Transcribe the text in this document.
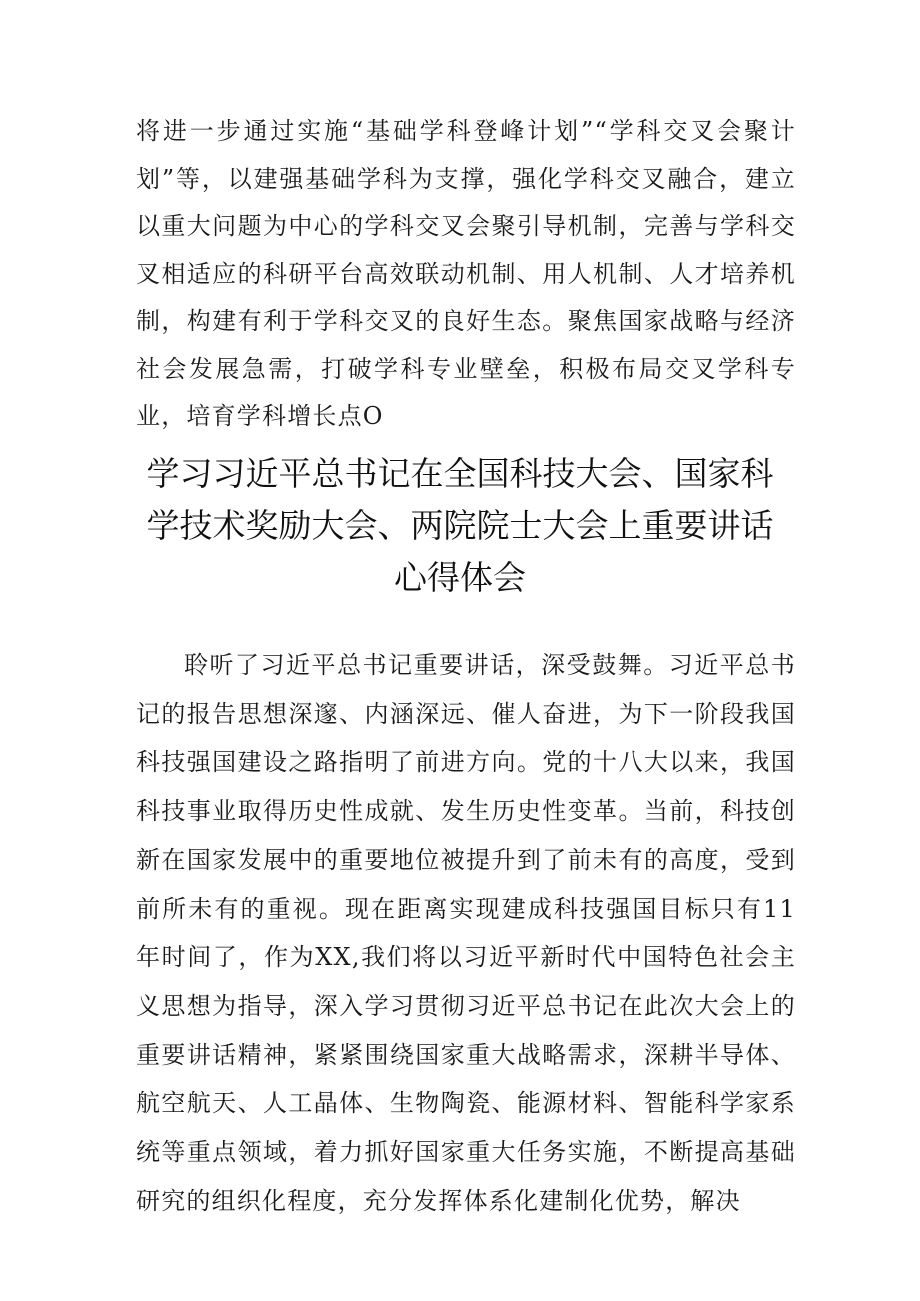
将进一步通过实施“基础学科登峰计划”“学科交叉会聚计划”等，以建强基础学科为支撑，强化学科交叉融合，建立以重大问题为中心的学科交叉会聚引导机制，完善与学科交叉相适应的科研平台高效联动机制、用人机制、人才培养机制，构建有利于学科交叉的良好生态。聚焦国家战略与经济社会发展急需，打破学科专业壁垒，积极布局交叉学科专业，培育学科增长点O

学习习近平总书记在全国科技大会、国家科学技术奖励大会、两院院士大会上重要讲话心得体会

聆听了习近平总书记重要讲话，深受鼓舞。习近平总书记的报告思想深邃、内涵深远、催人奋进，为下一阶段我国科技强国建设之路指明了前进方向。党的十八大以来，我国科技事业取得历史性成就、发生历史性变革。当前，科技创新在国家发展中的重要地位被提升到了前未有的高度，受到前所未有的重视。现在距离实现建成科技强国目标只有11年时间了，作为XX,我们将以习近平新时代中国特色社会主义思想为指导，深入学习贯彻习近平总书记在此次大会上的重要讲话精神，紧紧围绕国家重大战略需求，深耕半导体、航空航天、人工晶体、生物陶瓷、能源材料、智能科学家系统等重点领域，着力抓好国家重大任务实施，不断提高基础研究的组织化程度，充分发挥体系化建制化优势，解决
